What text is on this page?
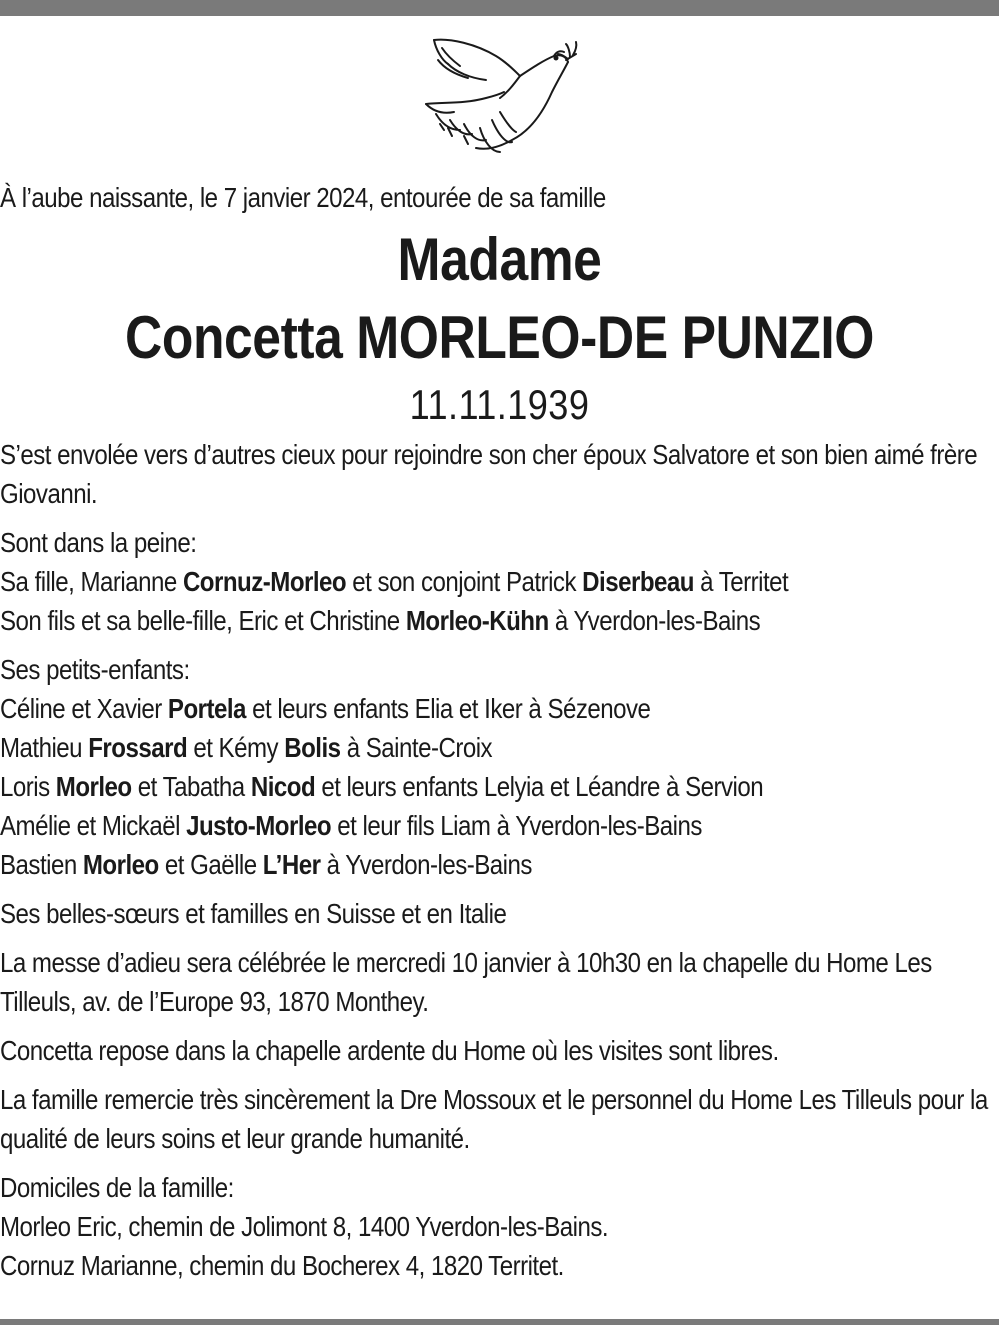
À l’aube naissante, le 7 janvier 2024, entourée de sa famille
Madame
Concetta MORLEO-DE PUNZIO
11.11.1939
S’est envolée vers d’autres cieux pour rejoindre son cher époux Salvatore et son bien aimé frère Giovanni.
Sont dans la peine:
Sa fille, Marianne Cornuz-Morleo et son conjoint Patrick Diserbeau à Territet
Son fils et sa belle-fille, Eric et Christine Morleo-Kühn à Yverdon-les-Bains
Ses petits-enfants:
Céline et Xavier Portela et leurs enfants Elia et Iker à Sézenove
Mathieu Frossard et Kémy Bolis à Sainte-Croix
Loris Morleo et Tabatha Nicod et leurs enfants Lelyia et Léandre à Servion
Amélie et Mickaël Justo-Morleo et leur fils Liam à Yverdon-les-Bains
Bastien Morleo et Gaëlle L’Her à Yverdon-les-Bains
Ses belles-sœurs et familles en Suisse et en Italie
La messe d’adieu sera célébrée le mercredi 10 janvier à 10h30 en la chapelle du Home Les Tilleuls, av. de l’Europe 93, 1870 Monthey.
Concetta repose dans la chapelle ardente du Home où les visites sont libres.
La famille remercie très sincèrement la Dre Mossoux et le personnel du Home Les Tilleuls pour la qualité de leurs soins et leur grande humanité.
Domiciles de la famille:
Morleo Eric, chemin de Jolimont 8, 1400 Yverdon-les-Bains.
Cornuz Marianne, chemin du Bocherex 4, 1820 Territet.
